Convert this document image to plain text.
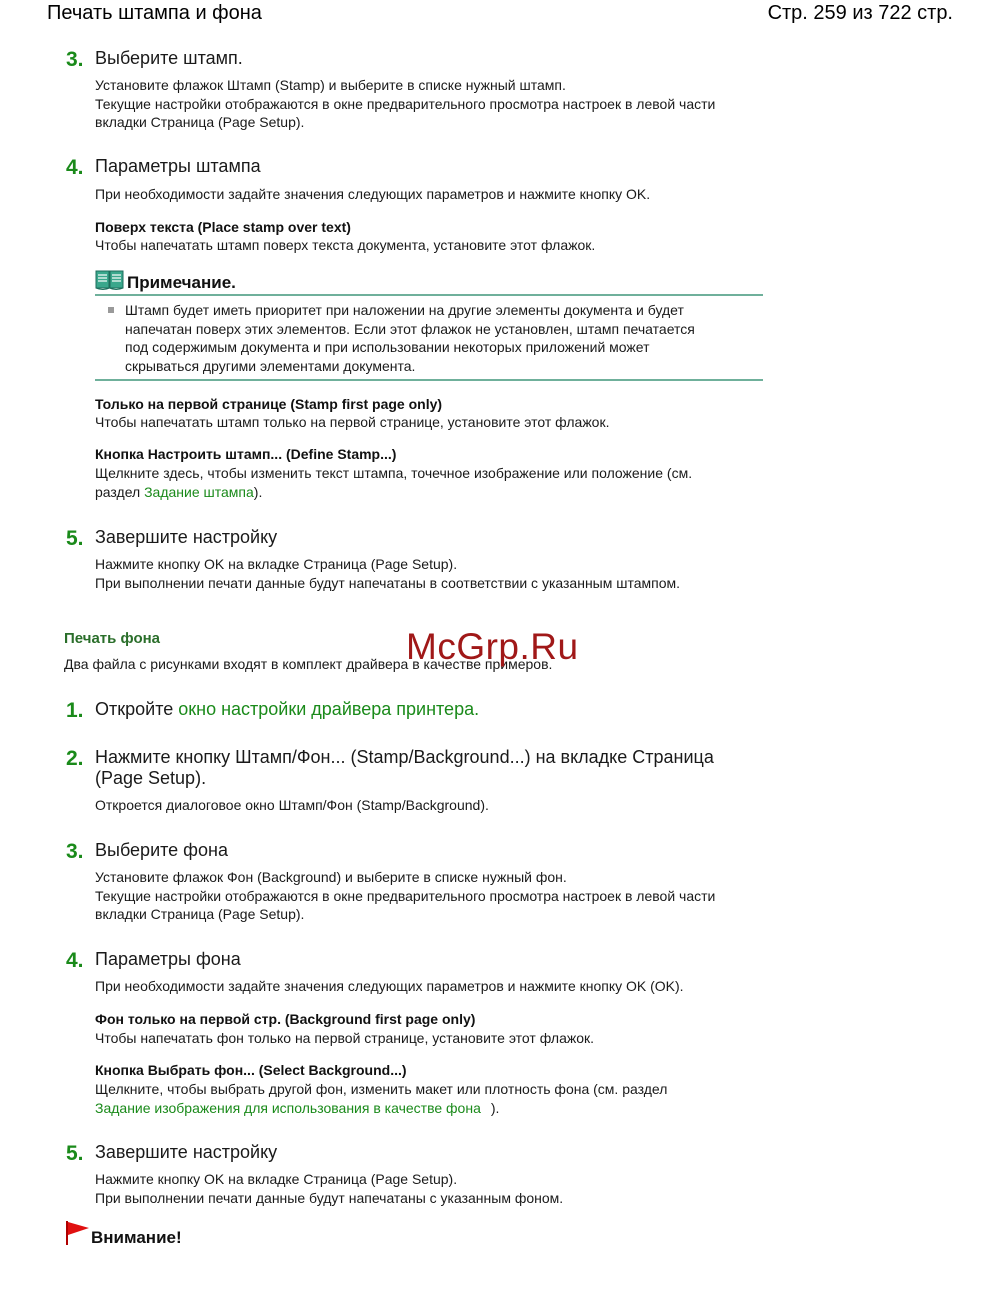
Печать штампа и фона	Стр. 259 из 722 стр.
3. Выберите штамп.

Установите флажок Штамп (Stamp) и выберите в списке нужный штамп.

Текущие настройки отображаются в окне предварительного просмотра настроек в левой части

вкладки Страница (Page Setup).

4. Параметры штампа
При необходимости задайте значения следующих параметров и нажмите кнопку OK.
Поверх текста (Place stamp over text)
Чтобы напечатать штамп поверх текста документа, установите этот флажок.
Примечание.

Штамп будет иметь приоритет при наложении на другие элементы документа и будет

напечатан поверх этих элементов. Если этот флажок не установлен, штамп печатается

под содержимым документа и при использовании некоторых приложений может

скрываться другими элементами документа.

Только на первой странице (Stamp first page only)
Чтобы напечатать штамп только на первой странице, установите этот флажок.
Кнопка Настроить штамп... (Define Stamp...)

Щелкните здесь, чтобы изменить текст штампа, точечное изображение или положение (см.

раздел Задание штампа).

5. Завершите настройку

Нажмите кнопку OK на вкладке Страница (Page Setup).

При выполнении печати данные будут напечатаны в соответствии с указанным штампом.

Печать фона
Два файла с рисунками входят в комплект драйвера в качестве примеров.
McGrp.Ru
1. Откройте окно настройки драйвера принтера.
2. Нажмите кнопку Штамп/Фон... (Stamp/Background...) на вкладке Страница
(Page Setup).
Откроется диалоговое окно Штамп/Фон (Stamp/Background).
3. Выберите фона

Установите флажок Фон (Background) и выберите в списке нужный фон.

Текущие настройки отображаются в окне предварительного просмотра настроек в левой части

вкладки Страница (Page Setup).

4. Параметры фона
При необходимости задайте значения следующих параметров и нажмите кнопку OK (OK).
Фон только на первой стр. (Background first page only)
Чтобы напечатать фон только на первой странице, установите этот флажок.
Кнопка Выбрать фон... (Select Background...)

Щелкните, чтобы выбрать другой фон, изменить макет или плотность фона (см. раздел

Задание изображения для использования в качестве фона ).

5. Завершите настройку

Нажмите кнопку OK на вкладке Страница (Page Setup).

При выполнении печати данные будут напечатаны с указанным фоном.

Внимание!
